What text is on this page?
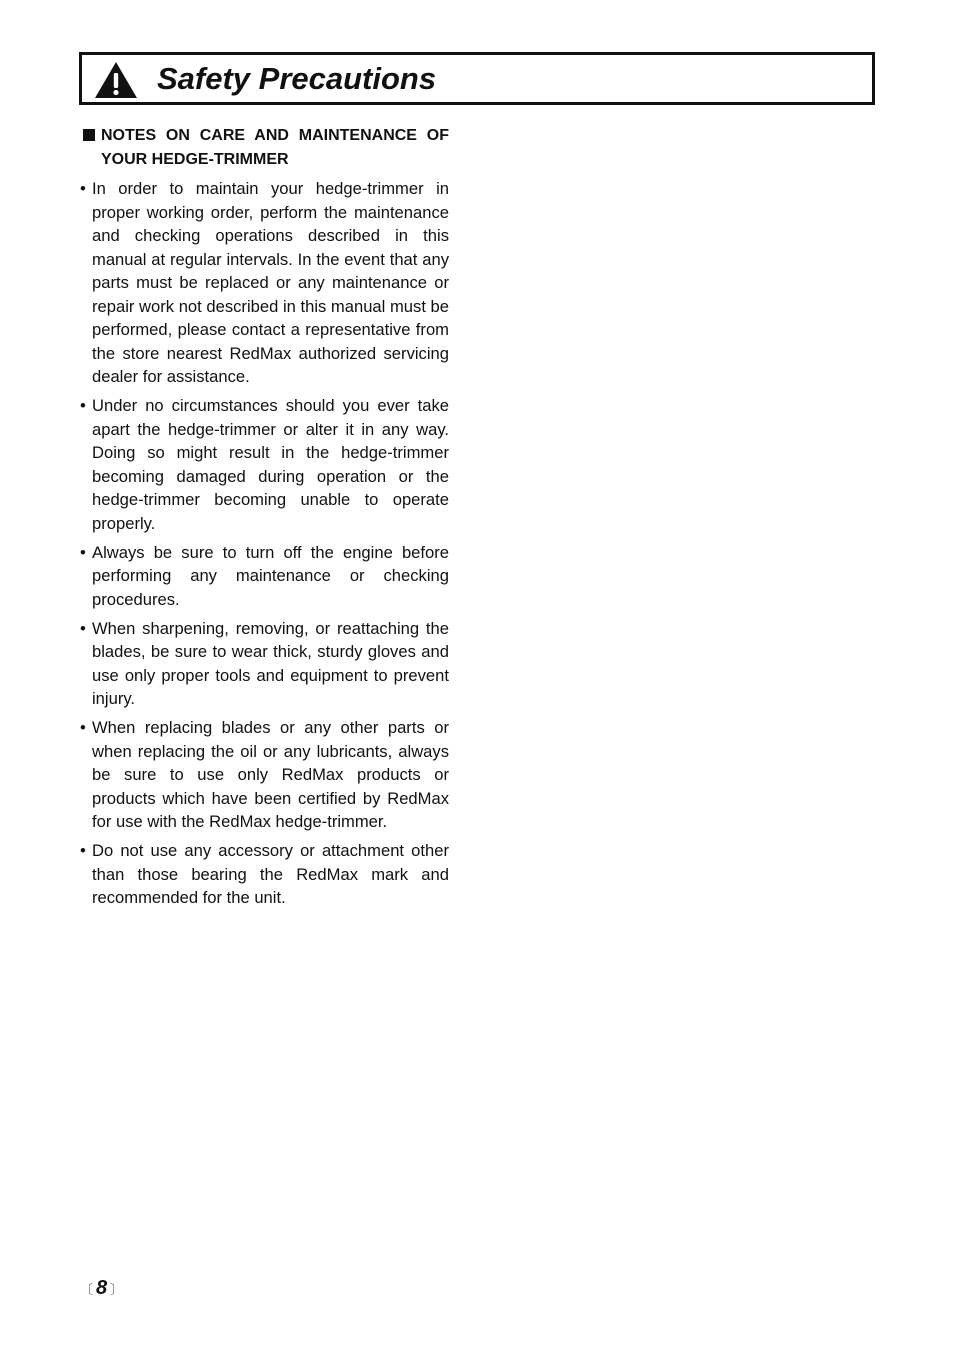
Safety Precautions
NOTES ON CARE AND MAINTENANCE OF YOUR HEDGE-TRIMMER
• In order to maintain your hedge-trimmer in proper working order, perform the maintenance and checking operations described in this manual at regular intervals. In the event that any parts must be replaced or any maintenance or repair work not described in this manual must be performed, please contact a representative from the store nearest RedMax authorized servicing dealer for assistance.
• Under no circumstances should you ever take apart the hedge-trimmer or alter it in any way. Doing so might result in the hedge-trimmer becoming damaged during operation or the hedge-trimmer becoming unable to operate properly.
• Always be sure to turn off the engine before performing any maintenance or checking procedures.
• When sharpening, removing, or reattaching the blades, be sure to wear thick, sturdy gloves and use only proper tools and equipment to prevent injury.
• When replacing blades or any other parts or when replacing the oil or any lubricants, always be sure to use only RedMax products or products which have been certified by RedMax for use with the RedMax hedge-trimmer.
• Do not use any accessory or attachment other than those bearing the RedMax mark and recommended for the unit.
〔 8 〕
